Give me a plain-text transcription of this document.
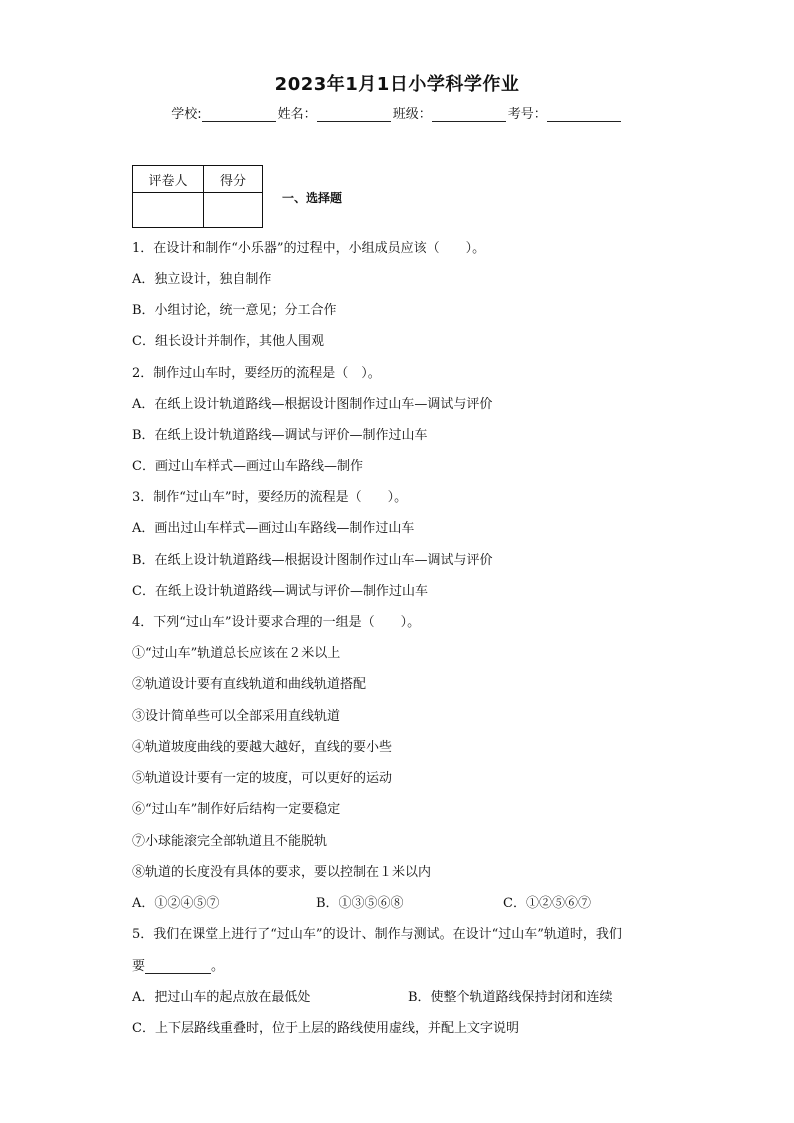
2023年1月1日小学科学作业
学校:	姓名：	班级：	考号：
评卷人	得分

一、选择题
1．在设计和制作“小乐器”的过程中，小组成员应该（　　）。
A．独立设计，独自制作
B．小组讨论，统一意见；分工合作
C．组长设计并制作，其他人围观
2．制作过山车时，要经历的流程是（　）。
A．在纸上设计轨道路线—根据设计图制作过山车—调试与评价
B．在纸上设计轨道路线—调试与评价—制作过山车
C．画过山车样式—画过山车路线—制作
3．制作“过山车”时，要经历的流程是（　　）。
A．画出过山车样式—画过山车路线—制作过山车
B．在纸上设计轨道路线—根据设计图制作过山车—调试与评价
C．在纸上设计轨道路线—调试与评价—制作过山车
4．下列“过山车”设计要求合理的一组是（　　）。
①“过山车”轨道总长应该在２米以上
②轨道设计要有直线轨道和曲线轨道搭配
③设计简单些可以全部采用直线轨道
④轨道坡度曲线的要越大越好，直线的要小些
⑤轨道设计要有一定的坡度，可以更好的运动
⑥“过山车”制作好后结构一定要稳定
⑦小球能滚完全部轨道且不能脱轨
⑧轨道的长度没有具体的要求，要以控制在１米以内
A．①②④⑤⑦	B．①③⑤⑥⑧	C．①②⑤⑥⑦
5．我们在课堂上进行了“过山车”的设计、制作与测试。在设计“过山车”轨道时，我们
要	。
A．把过山车的起点放在最低处	B．使整个轨道路线保持封闭和连续
C．上下层路线重叠时，位于上层的路线使用虚线，并配上文字说明
